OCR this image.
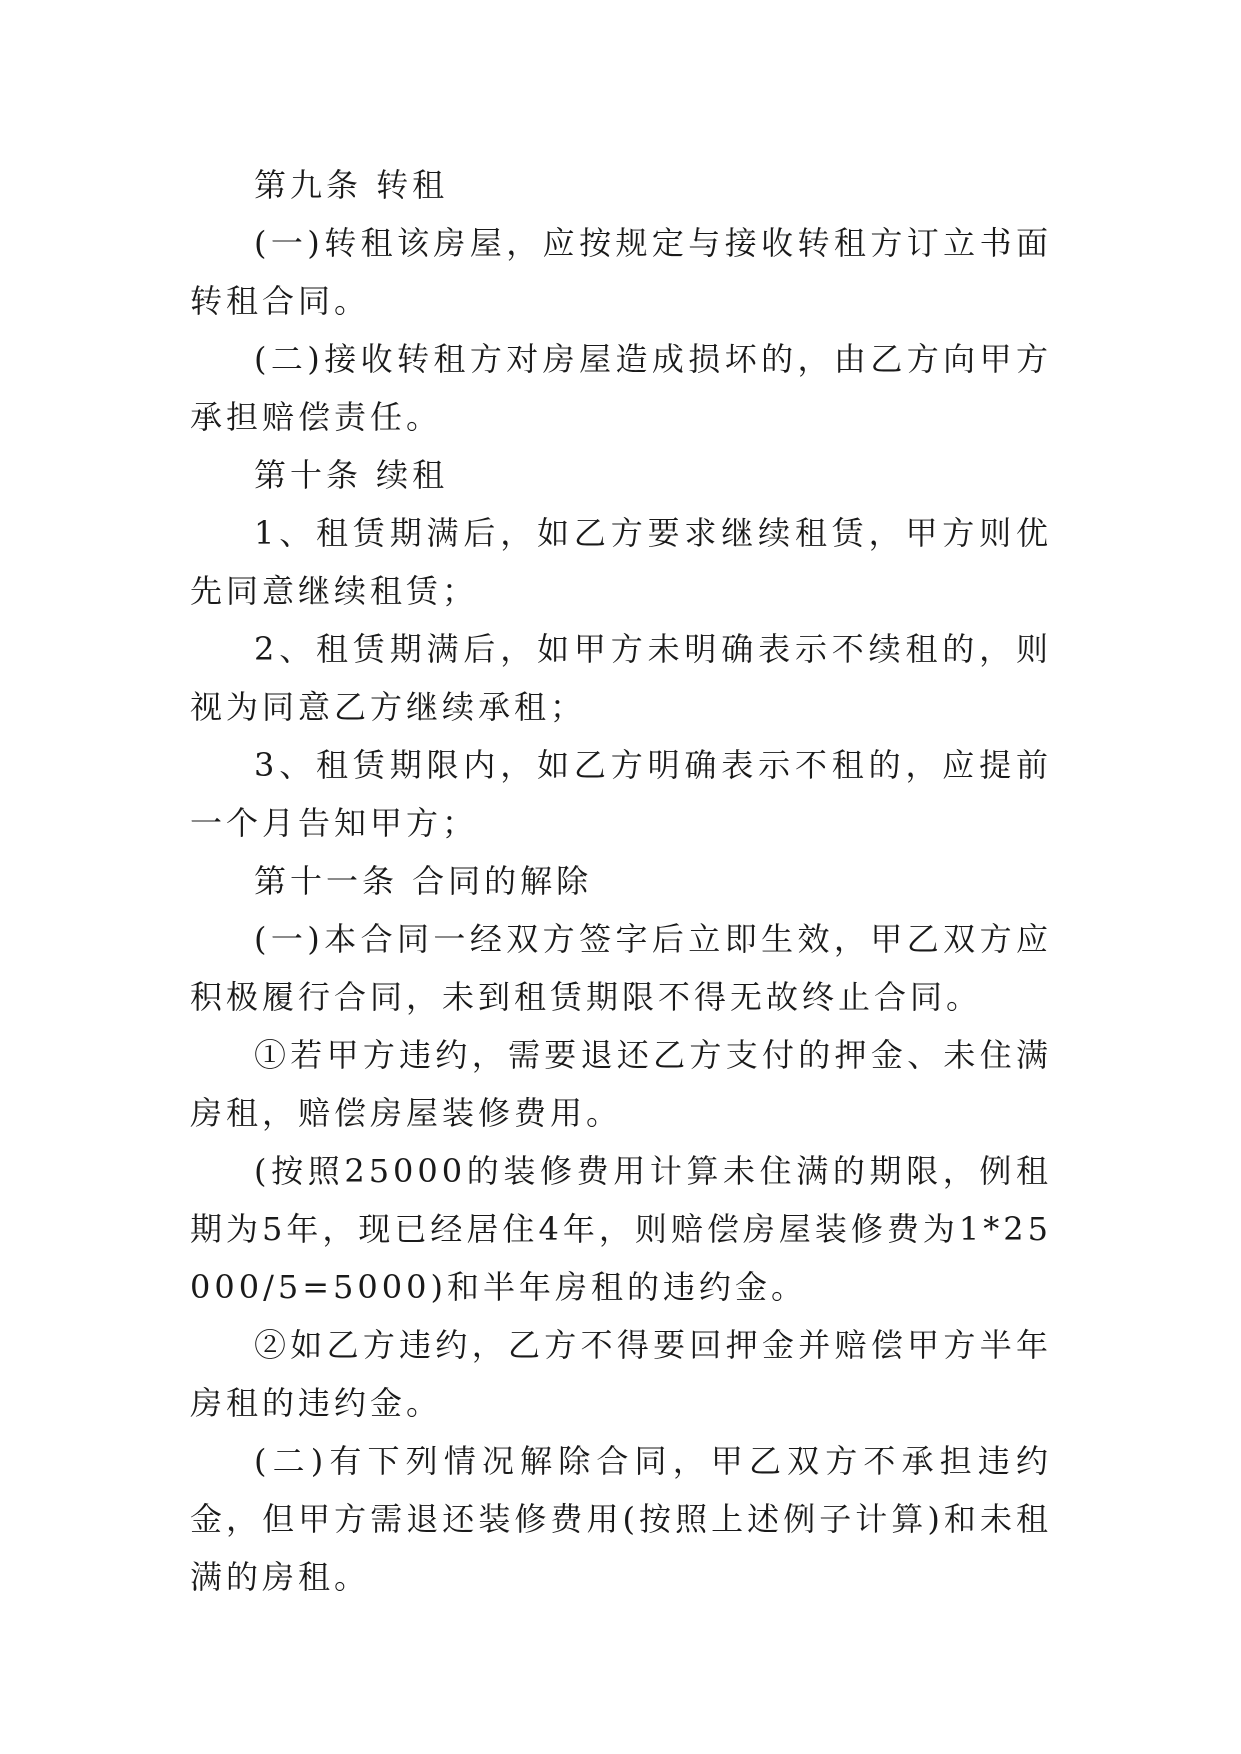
第九条 转租

(一)转租该房屋，应按规定与接收转租方订立书面转租合同。

(二)接收转租方对房屋造成损坏的，由乙方向甲方承担赔偿责任。

第十条 续租

1、租赁期满后，如乙方要求继续租赁，甲方则优先同意继续租赁；

2、租赁期满后，如甲方未明确表示不续租的，则视为同意乙方继续承租；

3、租赁期限内，如乙方明确表示不租的，应提前一个月告知甲方；

第十一条 合同的解除

(一)本合同一经双方签字后立即生效，甲乙双方应积极履行合同，未到租赁期限不得无故终止合同。

①若甲方违约，需要退还乙方支付的押金、未住满房租，赔偿房屋装修费用。

(按照25000的装修费用计算未住满的期限，例租期为5年，现已经居住4年，则赔偿房屋装修费为1*25000/5=5000)和半年房租的违约金。

②如乙方违约，乙方不得要回押金并赔偿甲方半年房租的违约金。

(二)有下列情况解除合同，甲乙双方不承担违约金，但甲方需退还装修费用(按照上述例子计算)和未租满的房租。
